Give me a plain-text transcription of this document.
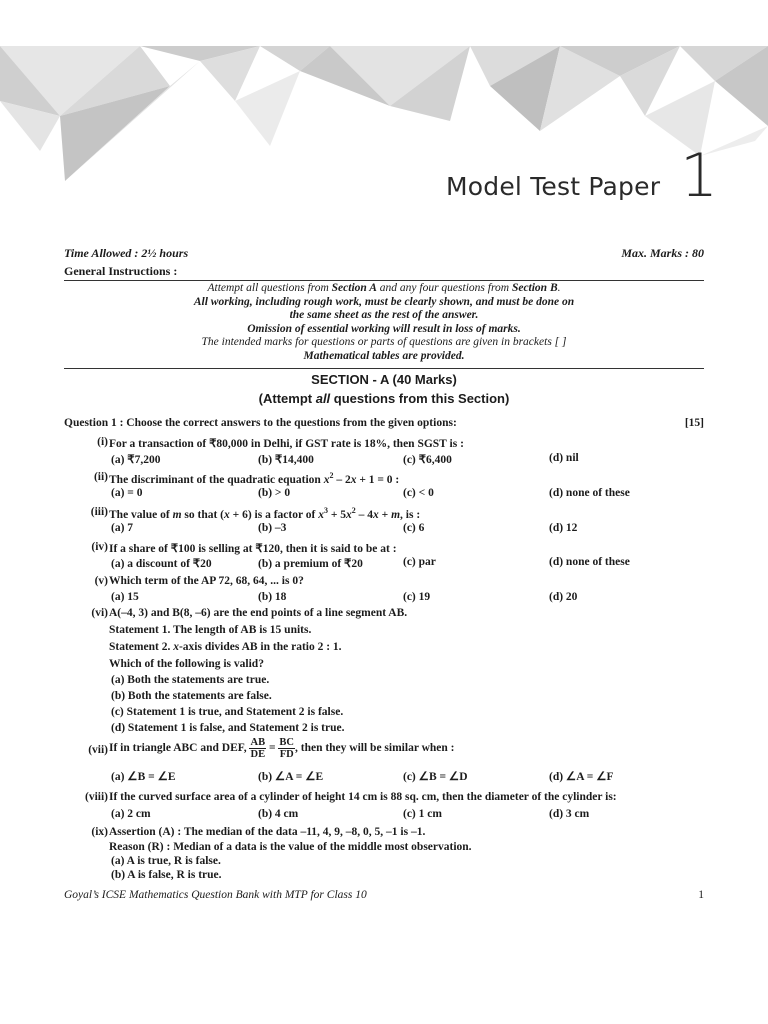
Model Test Paper 1
Time Allowed : 2½ hours	Max. Marks : 80
General Instructions :
Attempt all questions from Section A and any four questions from Section B.
All working, including rough work, must be clearly shown, and must be done on
the same sheet as the rest of the answer.
Omission of essential working will result in loss of marks.
The intended marks for questions or parts of questions are given in brackets [ ]
Mathematical tables are provided.
SECTION - A (40 Marks)
(Attempt all questions from this Section)
Question 1 : Choose the correct answers to the questions from the given options:	[15]
(i) For a transaction of ₹80,000 in Delhi, if GST rate is 18%, then SGST is :
(a) ₹7,200	(b) ₹14,400	(c) ₹6,400	(d) nil
(ii) The discriminant of the quadratic equation $x^2 - 2x + 1 = 0$ :
(a) = 0	(b) > 0	(c) < 0	(d) none of these
(iii) The value of m so that (x + 6) is a factor of $x^3 + 5x^2 - 4x + m$, is :
(a) 7	(b) –3	(c) 6	(d) 12
(iv) If a share of ₹100 is selling at ₹120, then it is said to be at :
(a) a discount of ₹20	(b) a premium of ₹20	(c) par	(d) none of these
(v) Which term of the AP 72, 68, 64, ... is 0?
(a) 15	(b) 18	(c) 19	(d) 20
(vi) A(–4, 3) and B(8, –6) are the end points of a line segment AB.
Statement 1. The length of AB is 15 units.
Statement 2. x-axis divides AB in the ratio 2 : 1.
Which of the following is valid?
(a) Both the statements are true.
(b) Both the statements are false.
(c) Statement 1 is true, and Statement 2 is false.
(d) Statement 1 is false, and Statement 2 is true.
(vii) If in triangle ABC and DEF, $\frac{AB}{DE} = \frac{BC}{FD}$ , then they will be similar when :
(a) ∠B = ∠E	(b) ∠A = ∠E	(c) ∠B = ∠D	(d) ∠A = ∠F
(viii) If the curved surface area of a cylinder of height 14 cm is 88 sq. cm, then the diameter of the cylinder is:
(a) 2 cm	(b) 4 cm	(c) 1 cm	(d) 3 cm
(ix) Assertion (A) : The median of the data –11, 4, 9, –8, 0, 5, –1 is –1.
Reason (R) : Median of a data is the value of the middle most observation.
(a) A is true, R is false.
(b) A is false, R is true.
Goyal’s ICSE Mathematics Question Bank with MTP for Class 10	1
